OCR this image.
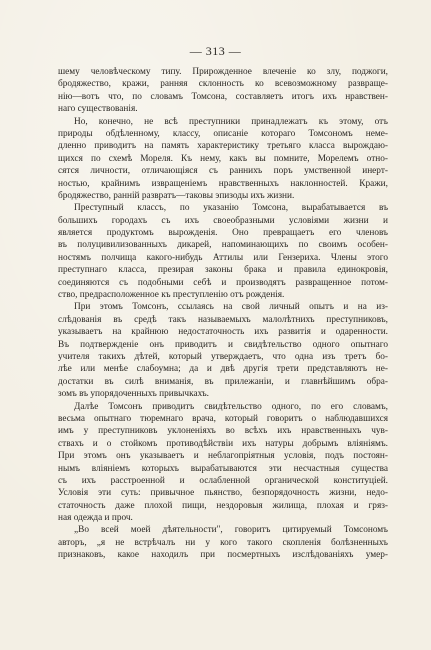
— 313 —
шему человѣческому типу. Прирожденное влеченіе ко злу, поджоги,
бродяжество, кражи, ранняя склонность ко всевозможному развраще-
нію—вотъ что, по словамъ Томсона, составляетъ итогъ ихъ нравствен-
наго существованія.
Но, конечно, не всѣ преступники принадлежатъ къ этому, отъ
природы обдѣленному, классу, описаніе котораго Томсономъ неме-
дленно приводитъ на память характеристику третьяго класса вырождаю-
щихся по схемѣ Мореля. Къ нему, какъ вы помните, Морелемъ отно-
сятся личности, отличающіяся съ раннихъ поръ умственной инерт-
ностью, крайнимъ извращеніемъ нравственныхъ наклонностей. Кражи,
бродяжество, ранній развратъ—таковы эпизоды ихъ жизни.
Преступный классъ, по указанію Томсона, вырабатывается въ
большихъ городахъ съ ихъ своеобразными условіями жизни и
является продуктомъ вырожденія. Оно превращаетъ его членовъ
въ полуцивилизованныхъ дикарей, напоминающихъ по своимъ особен-
ностямъ полчища какого-нибудь Аттилы или Гензериха. Члены этого
преступнаго класса, презирая законы брака и правила единокровія,
соединяются съ подобными себѣ и производятъ развращенное потом-
ство, предрасположенное къ преступленію отъ рожденія.
При этомъ Томсонъ, ссылаясь на свой личный опытъ и на из-
слѣдованія въ средѣ такъ называемыхъ малолѣтнихъ преступниковъ,
указываетъ на крайнюю недостаточность ихъ развитія и одаренности.
Въ подтвержденіе онъ приводитъ и свидѣтельство одного опытнаго
учителя такихъ дѣтей, который утверждаетъ, что одна изъ третъ бо-
лѣе или менѣе слабоумна; да и двѣ другія трети представляютъ не-
достатки въ силѣ вниманія, въ прилежаніи, и главнѣйшимъ обра-
зомъ въ упорядоченныхъ привычкахъ.
Далѣе Томсонъ приводитъ свидѣтельство одного, по его словамъ,
весьма опытнаго тюремнаго врача, который говоритъ о наблюдавшихся
имъ у преступниковъ уклоненіяхъ во всѣхъ ихъ нравственныхъ чув-
ствахъ и о стойкомъ противодѣйствіи ихъ натуры добрымъ вліяніямъ.
При этомъ онъ указываетъ и неблагопріятныя условія, подъ постоян-
нымъ вліяніемъ которыхъ вырабатываются эти несчастныя существа
съ ихъ расстроенной и ослабленной органической конституціей.
Условія эти суть: привычное пьянство, безпорядочность жизни, недо-
статочность даже плохой пищи, нездоровыя жилища, плохая и гряз-
ная одежда и проч.
„Во всей моей дѣятельности", говоритъ цитируемый Томсономъ
авторъ, „я не встрѣчалъ ни у кого такого скопленія болѣзненныхъ
признаковъ, какое находилъ при посмертныхъ изслѣдованіяхъ умер-
